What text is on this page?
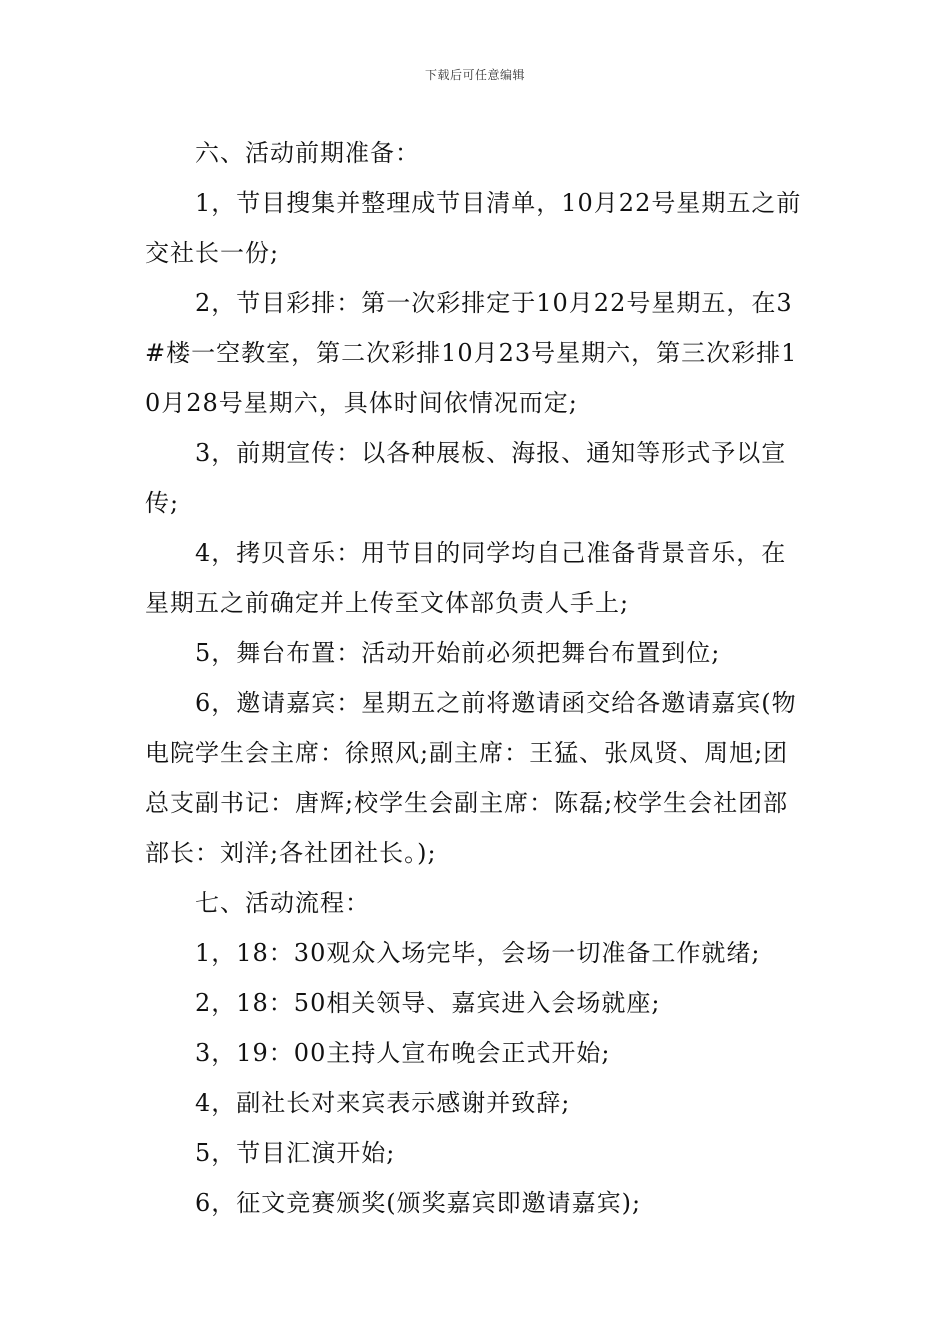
下载后可任意编辑

六、活动前期准备：

1，节目搜集并整理成节目清单，10月22号星期五之前交社长一份;

2，节目彩排：第一次彩排定于10月22号星期五，在3#楼一空教室，第二次彩排10月23号星期六，第三次彩排10月28号星期六，具体时间依情况而定;

3，前期宣传：以各种展板、海报、通知等形式予以宣传;

4，拷贝音乐：用节目的同学均自己准备背景音乐，在星期五之前确定并上传至文体部负责人手上;

5，舞台布置：活动开始前必须把舞台布置到位;

6，邀请嘉宾：星期五之前将邀请函交给各邀请嘉宾(物电院学生会主席：徐照风;副主席：王猛、张凤贤、周旭;团总支副书记：唐辉;校学生会副主席：陈磊;校学生会社团部部长：刘洋;各社团社长。);

七、活动流程：

1，18：30观众入场完毕，会场一切准备工作就绪;

2，18：50相关领导、嘉宾进入会场就座;

3，19：00主持人宣布晚会正式开始;

4，副社长对来宾表示感谢并致辞;

5，节目汇演开始;

6，征文竞赛颁奖(颁奖嘉宾即邀请嘉宾);
